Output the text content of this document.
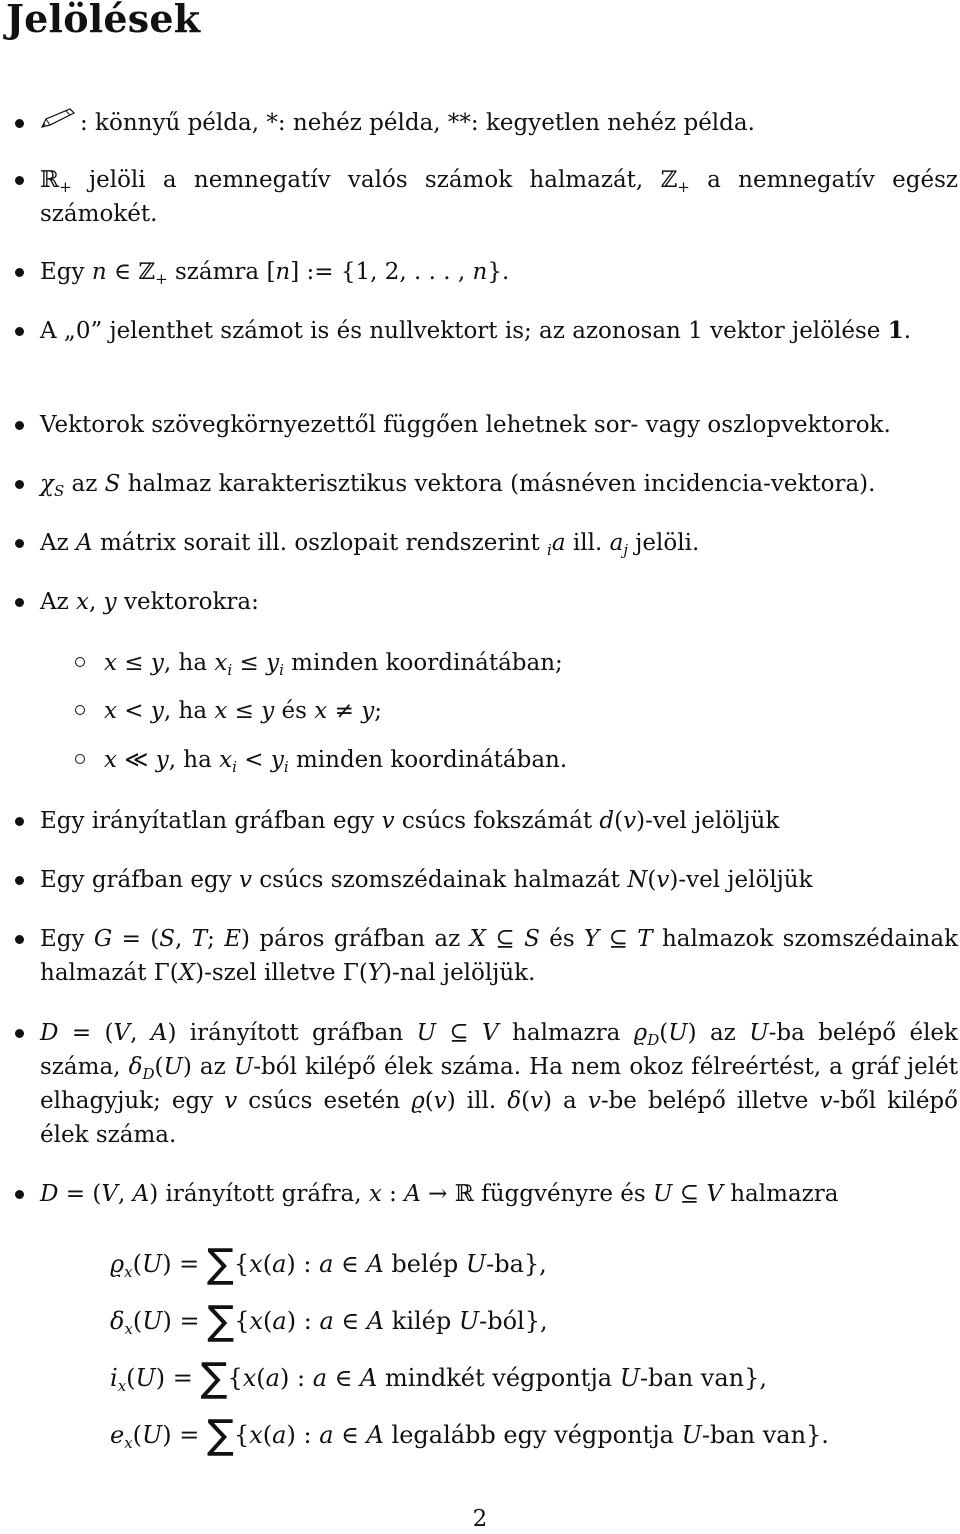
Jelölések
: könnyű példa, *: nehéz példa, **: kegyetlen nehéz példa.
ℝ$_+$ jelöli a nemnegatív valós számok halmazát, ℤ$_+$ a nemnegatív egész számokét.
Egy n ∈ ℤ$_+$ számra [n] := {1, 2, . . . , n}.
A „0” jelenthet számot is és nullvektort is; az azonosan 1 vektor jelölése 1.
Vektorok szövegkörnyezettől függően lehetnek sor- vagy oszlopvektorok.
$\chi_S$ az S halmaz karakterisztikus vektora (másnéven incidencia-vektora).
Az A mátrix sorait ill. oszlopait rendszerint $_i$a ill. $a_j$ jelöli.
Az x, y vektorokra:
x ≤ y, ha $x_i \le y_i$ minden koordinátában;
x < y, ha x ≤ y és x ≠ y;
x ≪ y, ha $x_i < y_i$ minden koordinátában.
Egy irányítatlan gráfban egy v csúcs fokszámát d(v)-vel jelöljük
Egy gráfban egy v csúcs szomszédainak halmazát N(v)-vel jelöljük
Egy G = (S, T; E) páros gráfban az X ⊆ S és Y ⊆ T halmazok szomszédainak halmazát Γ(X)-szel illetve Γ(Y)-nal jelöljük.
D = (V, A) irányított gráfban U ⊆ V halmazra $ϱ_D(U)$ az U-ba belépő élek száma, $\delta_D(U)$ az U-ból kilépő élek száma. Ha nem okoz félreértést, a gráf jelét elhagyjuk; egy v csúcs esetén ϱ(v) ill. δ(v) a v-be belépő illetve v-ből kilépő élek száma.
D = (V, A) irányított gráfra, x : A → ℝ függvényre és U ⊆ V halmazra
$ϱ_x(U) = \sum\{x(a)$ : a ∈ A belép U-ba},
$\delta_x(U) = \sum\{x(a)$ : a ∈ A kilép U-ból},
$i_x(U) = \sum\{x(a)$ : a ∈ A mindkét végpontja U-ban van},
$e_x(U) = \sum\{x(a)$ : a ∈ A legalább egy végpontja U-ban van}.
2
